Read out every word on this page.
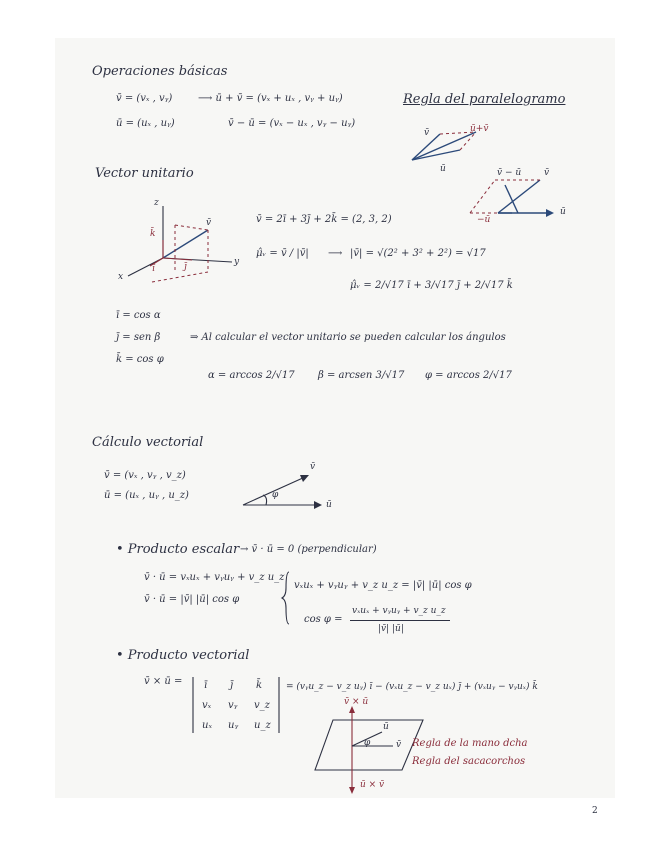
Operaciones básicas
v̄ = (vₓ , vᵧ)
ū = (uₓ , uᵧ)
⟶ ū + v̄ = (vₓ + uₓ , vᵧ + uᵧ)
v̄ − ū = (vₓ − uₓ , vᵧ − uᵧ)
Regla del paralelogramo
v̄	ū+v̄
ū	v̄ − ū	v̄
ū
−ū
Vector unitario
z
y
x
v̄
k̄
j̄
ī
v̄ = 2ī + 3j̄ + 2k̄ = (2, 3, 2)
μ̂ᵥ = v̄ / |v̄| ⟶ |v̄| = √(2² + 3² + 2²) = √17
μ̂ᵥ = 2/√17 ī + 3/√17 j̄ + 2/√17 k̄
ī = cos α
j̄ = sen β
k̄ = cos φ
⇒ Al calcular el vector unitario se pueden calcular los ángulos
α = arccos 2/√17 β = arcsen 3/√17 φ = arccos 2/√17
Cálculo vectorial
v̄ = (vₓ , vᵧ , v_z)
ū = (uₓ , uᵧ , u_z)
v̄
ū
φ
• Producto escalar → v̄ · ū = 0 (perpendicular)
v̄ · ū = vₓuₓ + vᵧuᵧ + v_z u_z
v̄ · ū = |v̄| |ū| cos φ
vₓuₓ + vᵧuᵧ + v_z u_z = |v̄| |ū| cos φ
cos φ =
vₓuₓ + vᵧuᵧ + v_z u_z
|v̄| |ū|
• Producto vectorial
v̄ × ū = ī j̄ k̄
vₓ vᵧ v_z
uₓ uᵧ u_z
= (vᵧu_z − v_z uᵧ) ī − (vₓu_z − v_z uₓ) j̄ + (vₓuᵧ − vᵧuₓ) k̄
v̄ × ū
ū × v̄
ū
v̄
φ	Regla de la mano dcha
Regla del sacacorchos
2
